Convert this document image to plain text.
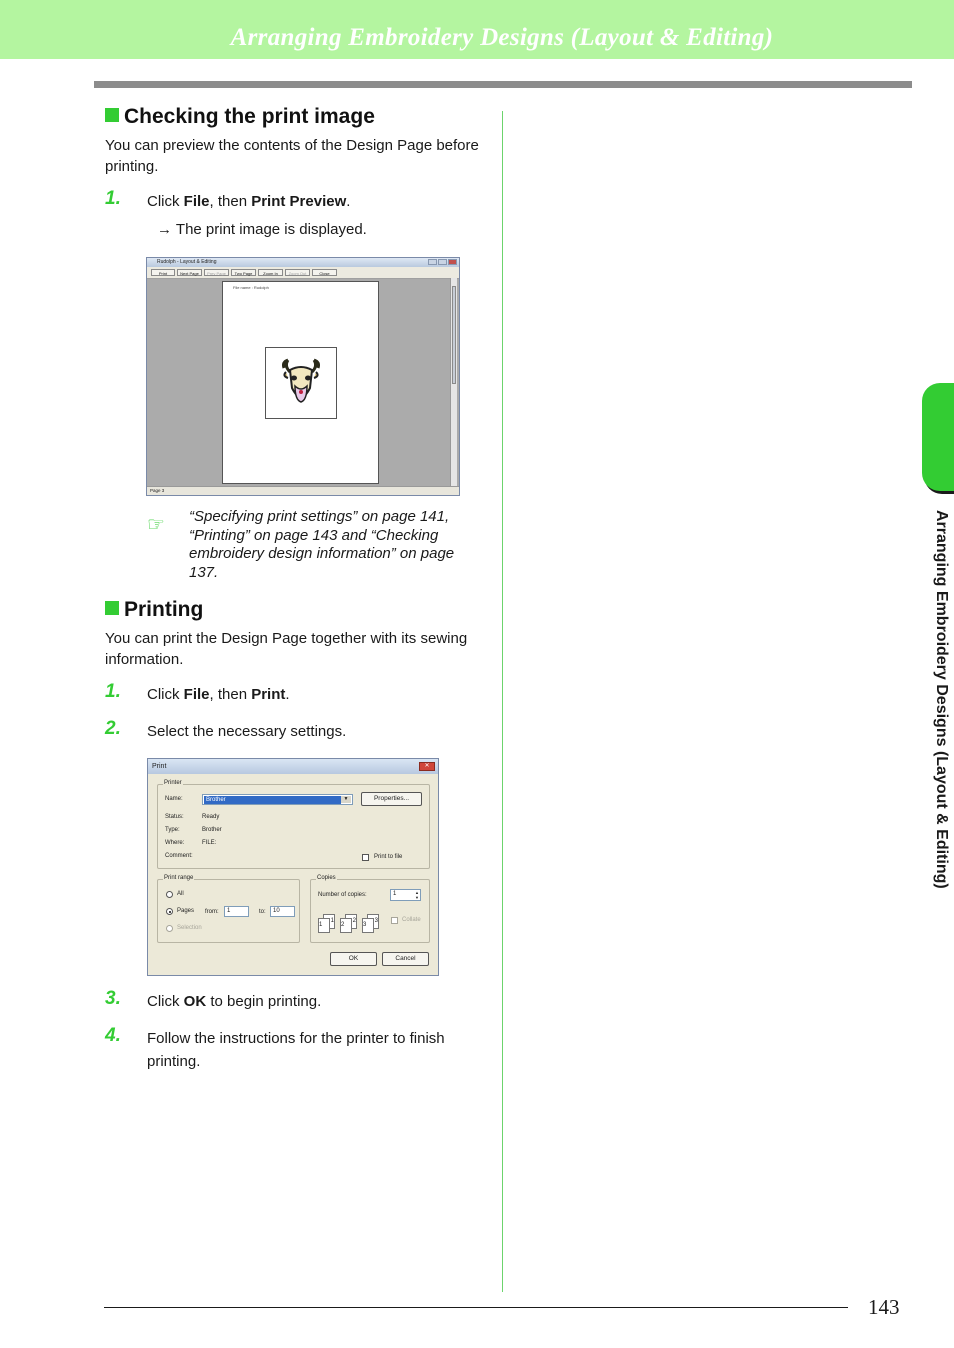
Arranging Embroidery Designs (Layout & Editing)
Arranging Embroidery Designs (Layout & Editing)
Checking the print image
You can preview the contents of the Design Page before printing.
1. Click File, then Print Preview.
→ The print image is displayed.
Rudolph - Layout & Editing
Print	Next Page	Prev Page	Two Page	Zoom In	Zoom Out	Close
File name : Rudolph
Page 3
☞ “Specifying print settings” on page 141, “Printing” on page 143 and “Checking embroidery design information” on page 137.
Printing
You can print the Design Page together with its sewing information.
1. Click File, then Print.
2. Select the necessary settings.
Print	✕
Printer
Name:	Brother	▼	Properties...
Status:	Ready
Type:	Brother
Where:	FILE:
Comment:	Print to file
Print range
All
Pages from:	1	to:	10
Selection
Copies
Number of copies:	1	▲
▼
1
1
2
2
3
3
Collate
OK	Cancel
3. Click OK to begin printing.
4. Follow the instructions for the printer to finish printing.
143
